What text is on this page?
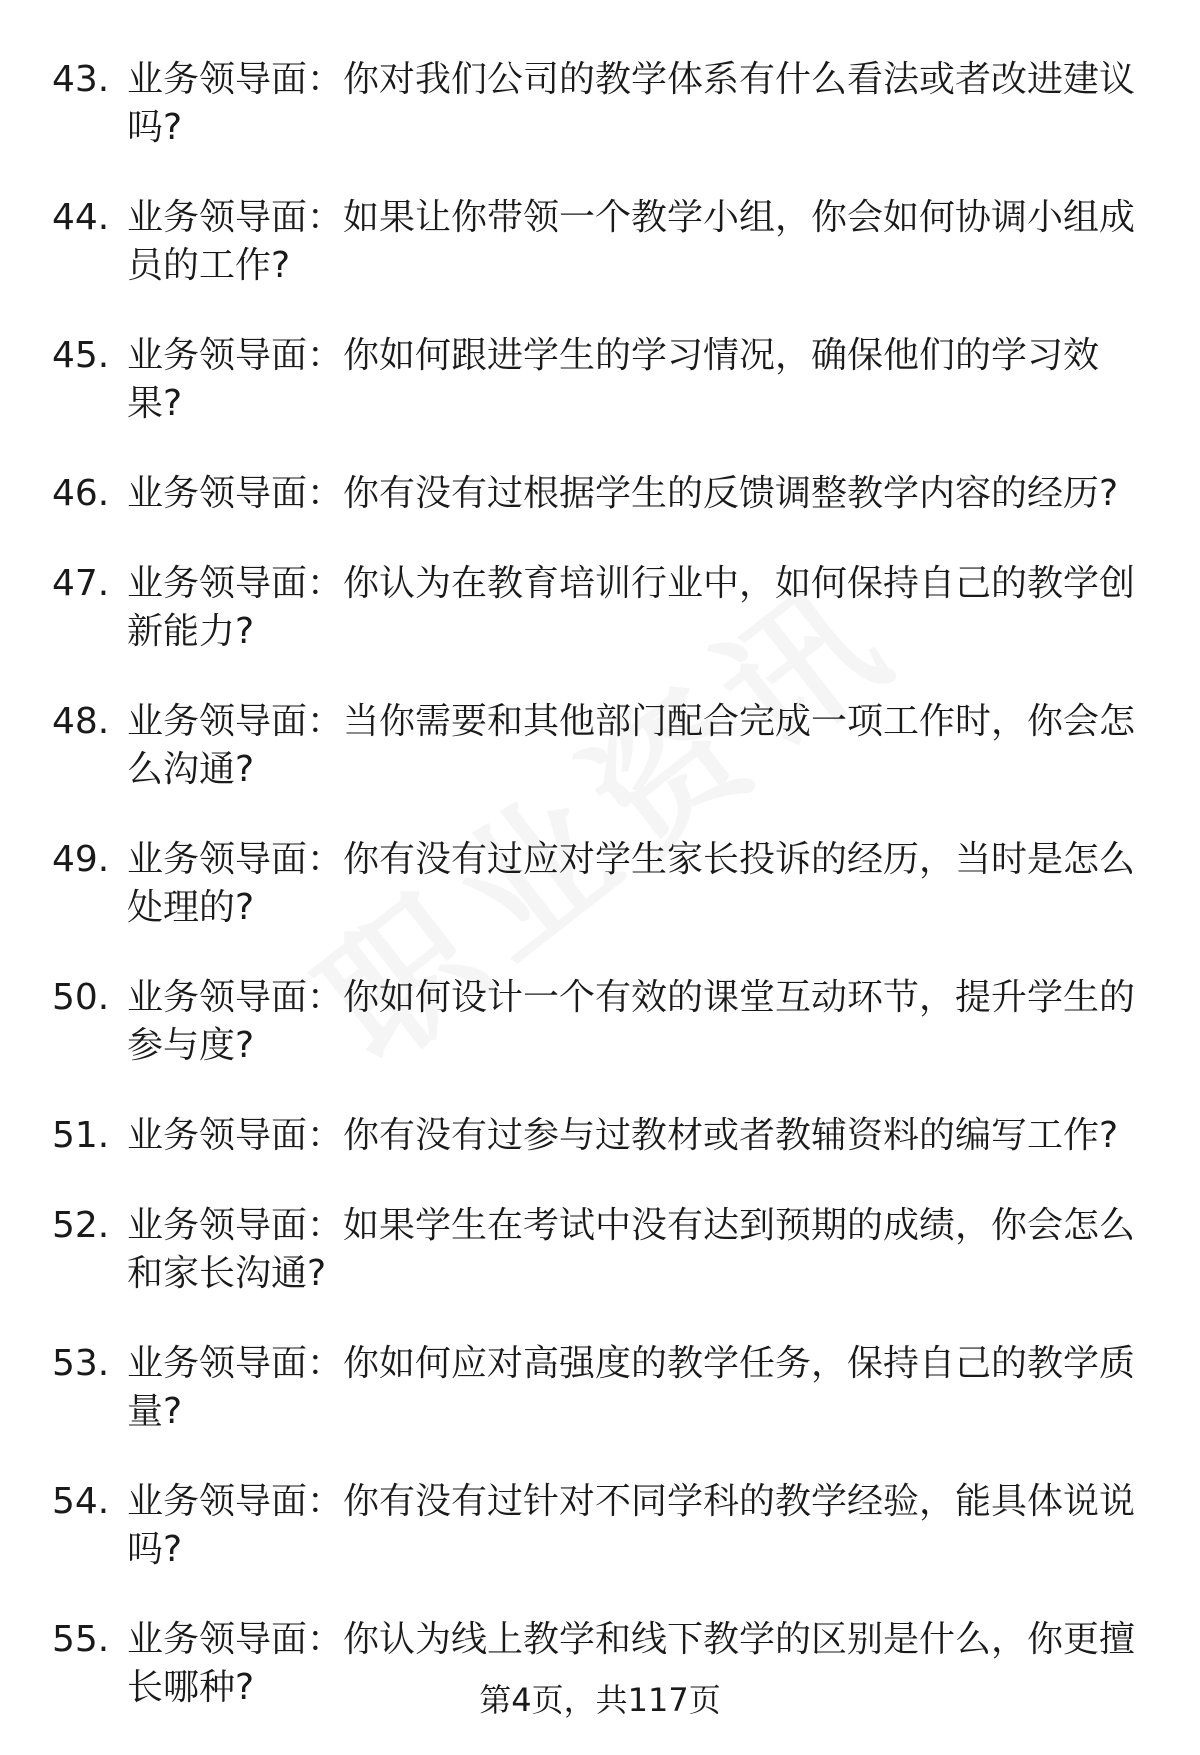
43. 业务领导面：你对我们公司的教学体系有什么看法或者改进建议吗?
44. 业务领导面：如果让你带领一个教学小组，你会如何协调小组成员的工作?
45. 业务领导面：你如何跟进学生的学习情况，确保他们的学习效果?
46. 业务领导面：你有没有过根据学生的反馈调整教学内容的经历?
47. 业务领导面：你认为在教育培训行业中，如何保持自己的教学创新能力?
48. 业务领导面：当你需要和其他部门配合完成一项工作时，你会怎么沟通?
49. 业务领导面：你有没有过应对学生家长投诉的经历，当时是怎么处理的?
50. 业务领导面：你如何设计一个有效的课堂互动环节，提升学生的参与度?
51. 业务领导面：你有没有过参与过教材或者教辅资料的编写工作?
52. 业务领导面：如果学生在考试中没有达到预期的成绩，你会怎么和家长沟通?
53. 业务领导面：你如何应对高强度的教学任务，保持自己的教学质量?
54. 业务领导面：你有没有过针对不同学科的教学经验，能具体说说吗?
55. 业务领导面：你认为线上教学和线下教学的区别是什么，你更擅长哪种?	第4页，共117页
